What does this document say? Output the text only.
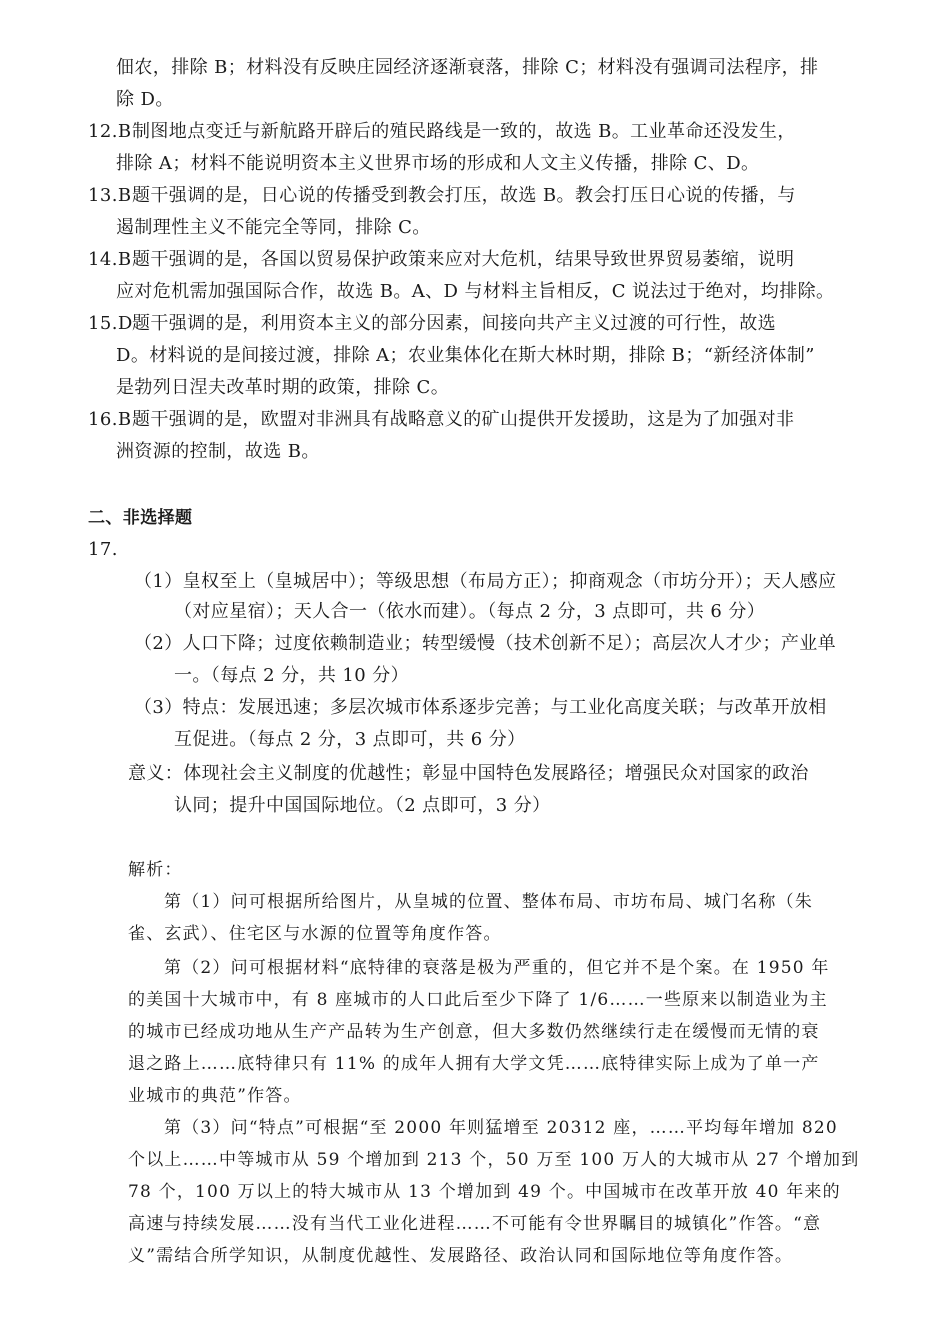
佃农，排除 B；材料没有反映庄园经济逐渐衰落，排除 C；材料没有强调司法程序，排
除 D。
12.B制图地点变迁与新航路开辟后的殖民路线是一致的，故选 B。工业革命还没发生，
排除 A；材料不能说明资本主义世界市场的形成和人文主义传播，排除 C、D。
13.B题干强调的是，日心说的传播受到教会打压，故选 B。教会打压日心说的传播，与
遏制理性主义不能完全等同，排除 C。
14.B题干强调的是，各国以贸易保护政策来应对大危机，结果导致世界贸易萎缩，说明
应对危机需加强国际合作，故选 B。A、D 与材料主旨相反，C 说法过于绝对，均排除。
15.D题干强调的是，利用资本主义的部分因素，间接向共产主义过渡的可行性，故选
D。材料说的是间接过渡，排除 A；农业集体化在斯大林时期，排除 B；“新经济体制”
是勃列日涅夫改革时期的政策，排除 C。
16.B题干强调的是，欧盟对非洲具有战略意义的矿山提供开发援助，这是为了加强对非
洲资源的控制，故选 B。
二、非选择题
17.
（1）皇权至上（皇城居中）；等级思想（布局方正）；抑商观念（市坊分开）；天人感应
（对应星宿）；天人合一（依水而建）。（每点 2 分，3 点即可，共 6 分）
（2）人口下降；过度依赖制造业；转型缓慢（技术创新不足）；高层次人才少；产业单
一。（每点 2 分，共 10 分）
（3）特点：发展迅速；多层次城市体系逐步完善；与工业化高度关联；与改革开放相
互促进。（每点 2 分，3 点即可，共 6 分）
意义：体现社会主义制度的优越性；彰显中国特色发展路径；增强民众对国家的政治
认同；提升中国国际地位。（2 点即可，3 分）
解析：
第（1）问可根据所给图片，从皇城的位置、整体布局、市坊布局、城门名称（朱
雀、玄武）、住宅区与水源的位置等角度作答。
第（2）问可根据材料“底特律的衰落是极为严重的，但它并不是个案。在 1950 年
的美国十大城市中，有 8 座城市的人口此后至少下降了 1/6……一些原来以制造业为主
的城市已经成功地从生产产品转为生产创意，但大多数仍然继续行走在缓慢而无情的衰
退之路上……底特律只有 11% 的成年人拥有大学文凭……底特律实际上成为了单一产
业城市的典范”作答。
第（3）问“特点”可根据“至 2000 年则猛增至 20312 座，……平均每年增加 820
个以上……中等城市从 59 个增加到 213 个，50 万至 100 万人的大城市从 27 个增加到
78 个，100 万以上的特大城市从 13 个增加到 49 个。中国城市在改革开放 40 年来的
高速与持续发展……没有当代工业化进程……不可能有令世界瞩目的城镇化”作答。“意
义”需结合所学知识，从制度优越性、发展路径、政治认同和国际地位等角度作答。
